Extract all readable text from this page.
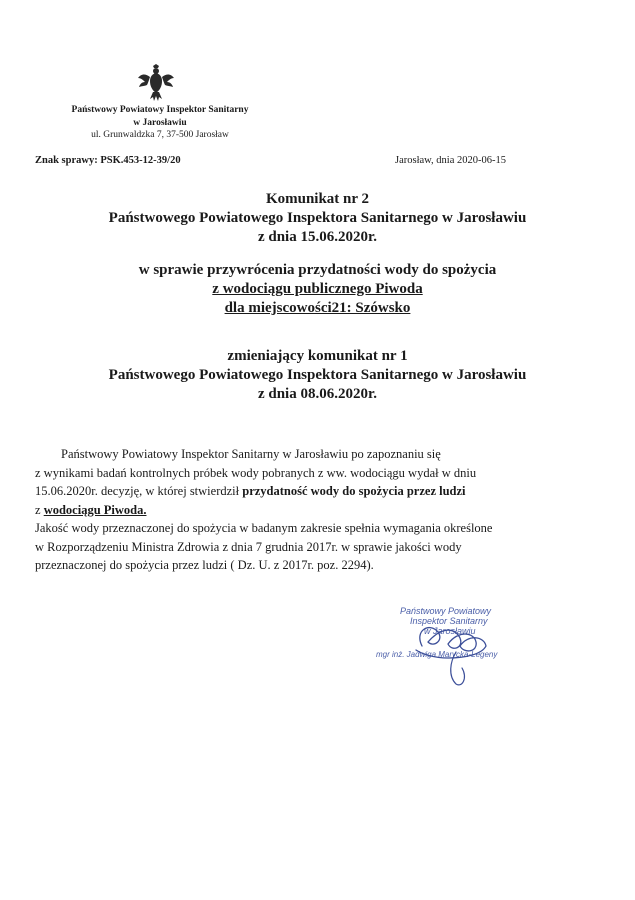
Państwowy Powiatowy Inspektor Sanitarny
w Jarosławiu
ul. Grunwaldzka 7, 37-500 Jarosław
Znak sprawy: PSK.453-12-39/20	Jarosław, dnia 2020-06-15
Komunikat nr 2
Państwowego Powiatowego Inspektora Sanitarnego w Jarosławiu
z dnia 15.06.2020r.
w sprawie przywrócenia przydatności wody do spożycia
z wodociągu publicznego Piwoda
dla miejscowości21: Szówsko
zmieniający komunikat nr 1
Państwowego Powiatowego Inspektora Sanitarnego w Jarosławiu
z dnia 08.06.2020r.

Państwowy Powiatowy Inspektor Sanitarny w Jarosławiu po zapoznaniu się

z wynikami badań kontrolnych próbek wody pobranych z ww. wodociągu wydał w dniu

15.06.2020r. decyzję, w której stwierdził przydatność wody do spożycia przez ludzi

z wodociągu Piwoda.

Jakość wody przeznaczonej do spożycia w badanym zakresie spełnia wymagania określone

w Rozporządzeniu Ministra Zdrowia z dnia 7 grudnia 2017r. w sprawie jakości wody

przeznaczonej do spożycia przez ludzi ( Dz. U. z 2017r. poz. 2294).

Państwowy Powiatowy
Inspektor Sanitarny
w Jarosławiu
mgr inż. Jadwiga Marycka-Legeny
